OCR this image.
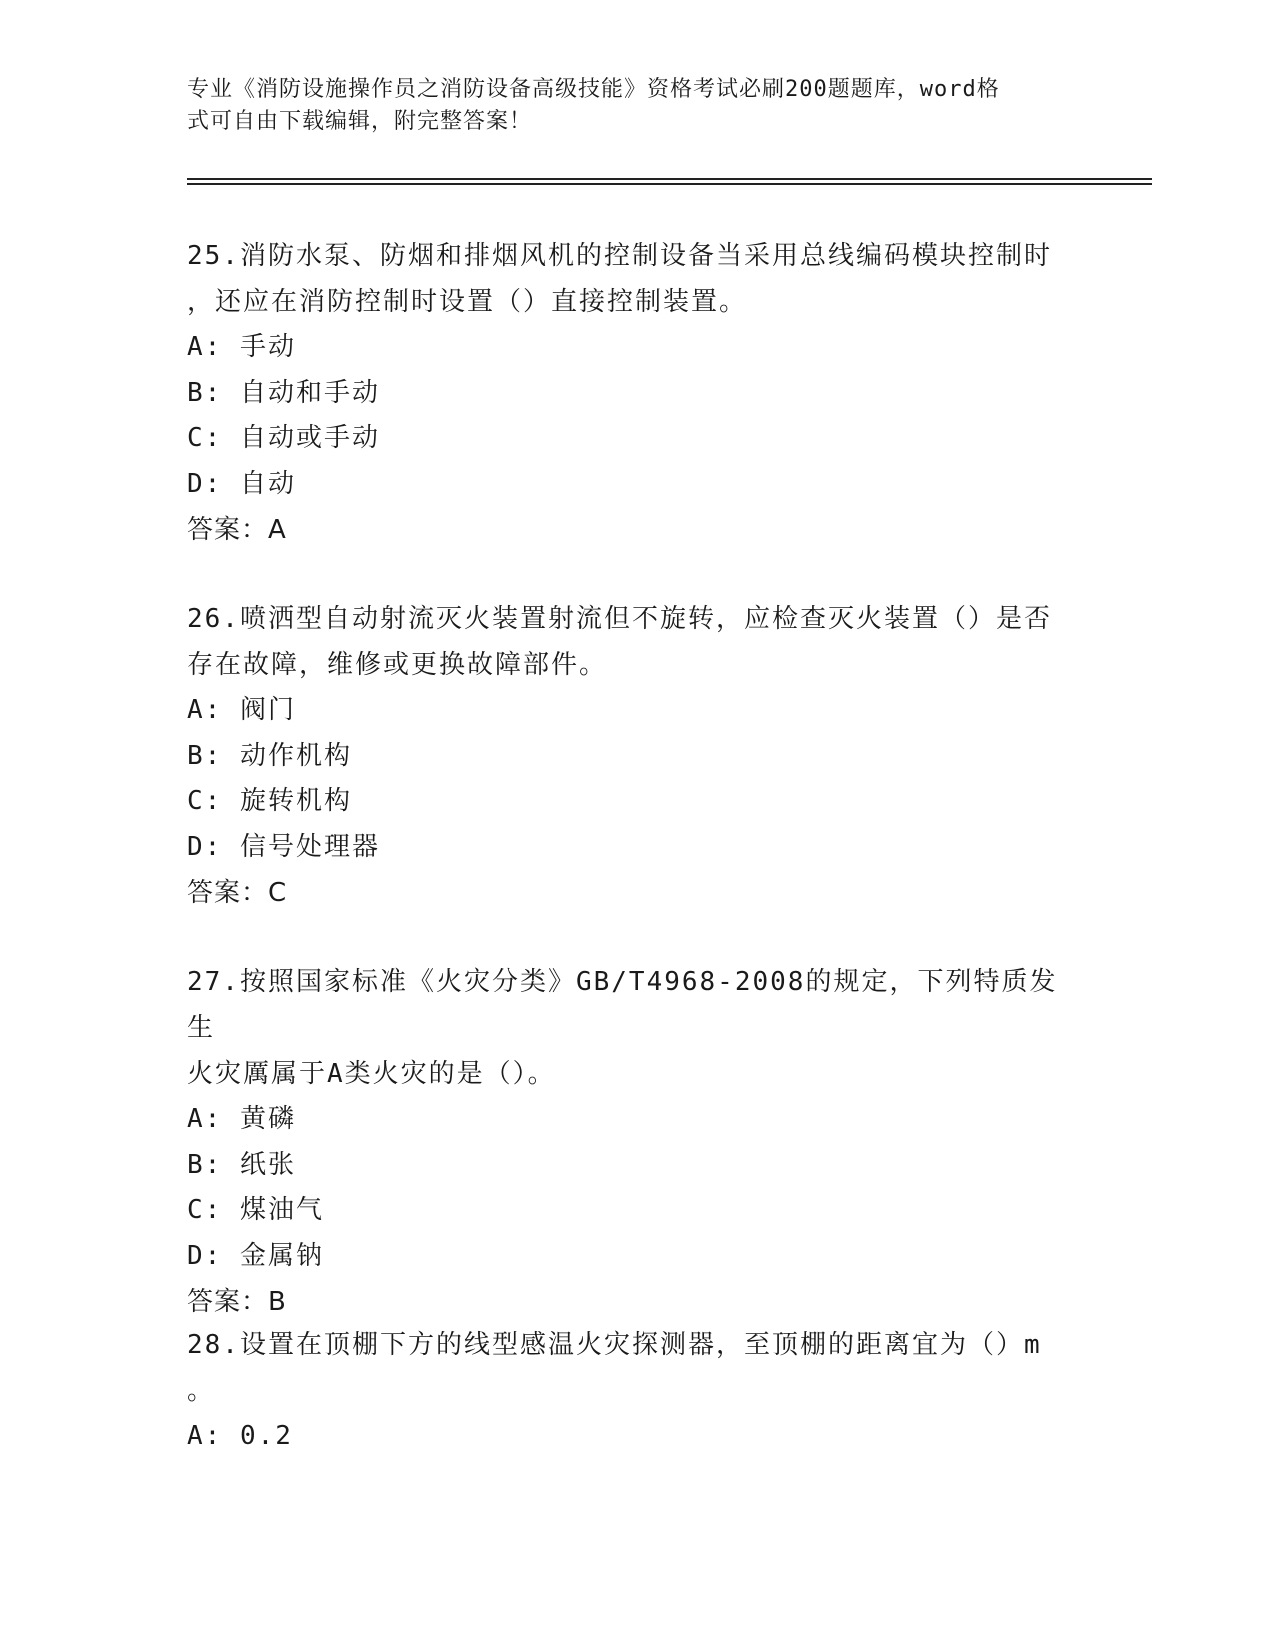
专业《消防设施操作员之消防设备高级技能》资格考试必刷200题题库，word格
式可自由下载编辑，附完整答案！
25.消防水泵、防烟和排烟风机的控制设备当采用总线编码模块控制时
，还应在消防控制时设置（）直接控制装置。
A: 手动
B: 自动和手动
C: 自动或手动
D: 自动
答案：A
26.喷洒型自动射流灭火装置射流但不旋转，应检查灭火装置（）是否
存在故障，维修或更换故障部件。
A: 阀门
B: 动作机构
C: 旋转机构
D: 信号处理器
答案：C
27.按照国家标准《火灾分类》GB/T4968-2008的规定，下列特质发生
火灾厲属于A类火灾的是（）。
A: 黄磷
B: 纸张
C: 煤油气
D: 金属钠
答案：B
28.设置在顶棚下方的线型感温火灾探测器，至顶棚的距离宜为（）m
。
A: 0.2
